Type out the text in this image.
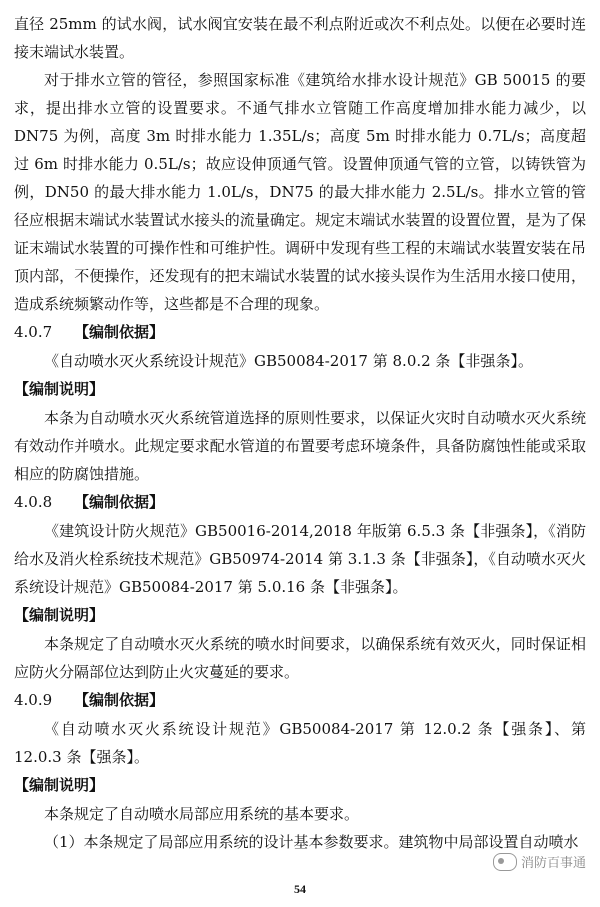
直径 25mm 的试水阀，试水阀宜安装在最不利点附近或次不利点处。以便在必要时连接末端试水装置。

对于排水立管的管径，参照国家标准《建筑给水排水设计规范》GB 50015 的要求，提出排水立管的设置要求。不通气排水立管随工作高度增加排水能力减少，以 DN75 为例，高度 3m 时排水能力 1.35L/s；高度 5m 时排水能力 0.7L/s；高度超过 6m 时排水能力 0.5L/s；故应设伸顶通气管。设置伸顶通气管的立管，以铸铁管为例，DN50 的最大排水能力 1.0L/s，DN75 的最大排水能力 2.5L/s。排水立管的管径应根据末端试水装置试水接头的流量确定。规定末端试水装置的设置位置，是为了保证末端试水装置的可操作性和可维护性。调研中发现有些工程的末端试水装置安装在吊顶内部，不便操作，还发现有的把末端试水装置的试水接头误作为生活用水接口使用，造成系统频繁动作等，这些都是不合理的现象。

4.0.7 【编制依据】

《自动喷水灭火系统设计规范》GB50084-2017 第 8.0.2 条【非强条】。

【编制说明】

本条为自动喷水灭火系统管道选择的原则性要求，以保证火灾时自动喷水灭火系统有效动作并喷水。此规定要求配水管道的布置要考虑环境条件，具备防腐蚀性能或采取相应的防腐蚀措施。

4.0.8 【编制依据】

《建筑设计防火规范》GB50016-2014,2018 年版第 6.5.3 条【非强条】，《消防给水及消火栓系统技术规范》GB50974-2014 第 3.1.3 条【非强条】，《自动喷水灭火系统设计规范》GB50084-2017 第 5.0.16 条【非强条】。

【编制说明】

本条规定了自动喷水灭火系统的喷水时间要求，以确保系统有效灭火，同时保证相应防火分隔部位达到防止火灾蔓延的要求。

4.0.9 【编制依据】

《自动喷水灭火系统设计规范》GB50084-2017 第 12.0.2 条【强条】、第 12.0.3 条【强条】。

【编制说明】

本条规定了自动喷水局部应用系统的基本要求。

（1）本条规定了局部应用系统的设计基本参数要求。建筑物中局部设置自动喷水

消防百事通
54
